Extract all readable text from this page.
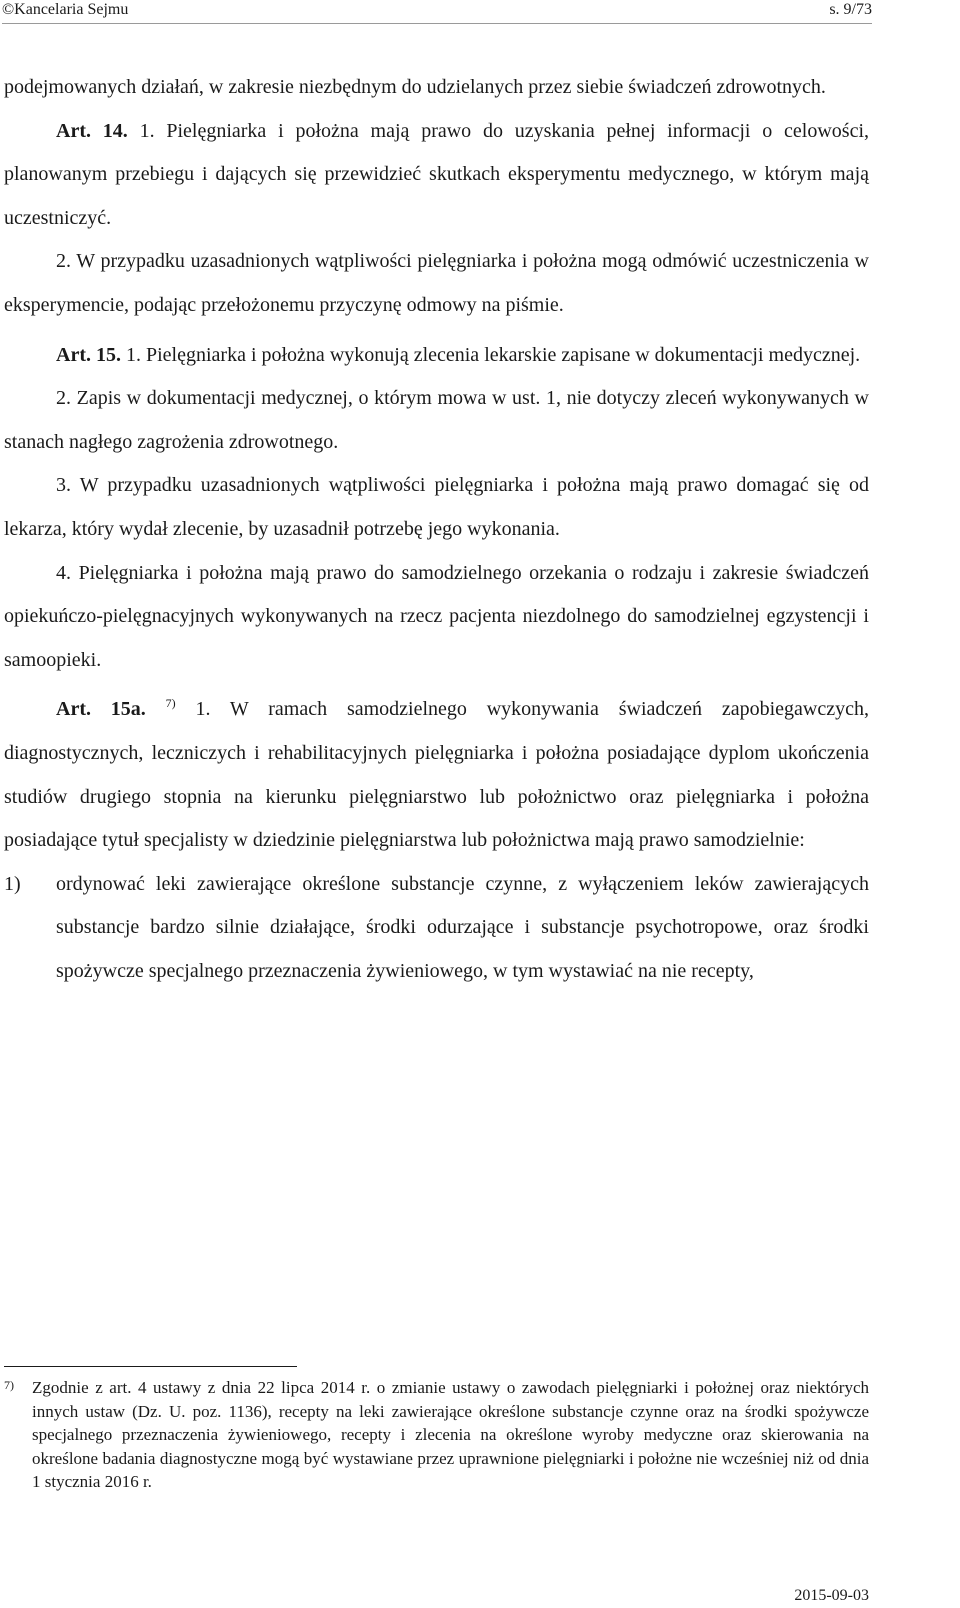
©Kancelaria Sejmu	s. 9/73

podejmowanych działań, w zakresie niezbędnym do udzielanych przez siebie świadczeń zdrowotnych.

Art. 14. 1. Pielęgniarka i położna mają prawo do uzyskania pełnej informacji o celowości, planowanym przebiegu i dających się przewidzieć skutkach eksperymentu medycznego, w którym mają uczestniczyć.

2. W przypadku uzasadnionych wątpliwości pielęgniarka i położna mogą odmówić uczestniczenia w eksperymencie, podając przełożonemu przyczynę odmowy na piśmie.

Art. 15. 1. Pielęgniarka i położna wykonują zlecenia lekarskie zapisane w dokumentacji medycznej.

2. Zapis w dokumentacji medycznej, o którym mowa w ust. 1, nie dotyczy zleceń wykonywanych w stanach nagłego zagrożenia zdrowotnego.

3. W przypadku uzasadnionych wątpliwości pielęgniarka i położna mają prawo domagać się od lekarza, który wydał zlecenie, by uzasadnił potrzebę jego wykonania.

4. Pielęgniarka i położna mają prawo do samodzielnego orzekania o rodzaju i zakresie świadczeń opiekuńczo-pielęgnacyjnych wykonywanych na rzecz pacjenta niezdolnego do samodzielnej egzystencji i samoopieki.

Art. 15a. $^{7)}$ 1. W ramach samodzielnego wykonywania świadczeń zapobiegawczych, diagnostycznych, leczniczych i rehabilitacyjnych pielęgniarka i położna posiadające dyplom ukończenia studiów drugiego stopnia na kierunku pielęgniarstwo lub położnictwo oraz pielęgniarka i położna posiadające tytuł specjalisty w dziedzinie pielęgniarstwa lub położnictwa mają prawo samodzielnie:

1)	ordynować leki zawierające określone substancje czynne, z wyłączeniem leków zawierających substancje bardzo silnie działające, środki odurzające i substancje psychotropowe, oraz środki spożywcze specjalnego przeznaczenia żywieniowego, w tym wystawiać na nie recepty,
7)	Zgodnie z art. 4 ustawy z dnia 22 lipca 2014 r. o zmianie ustawy o zawodach pielęgniarki i położnej oraz niektórych innych ustaw (Dz. U. poz. 1136), recepty na leki zawierające określone substancje czynne oraz na środki spożywcze specjalnego przeznaczenia żywieniowego, recepty i zlecenia na określone wyroby medyczne oraz skierowania na określone badania diagnostyczne mogą być wystawiane przez uprawnione pielęgniarki i położne nie wcześniej niż od dnia 1 stycznia 2016 r.
2015-09-03
